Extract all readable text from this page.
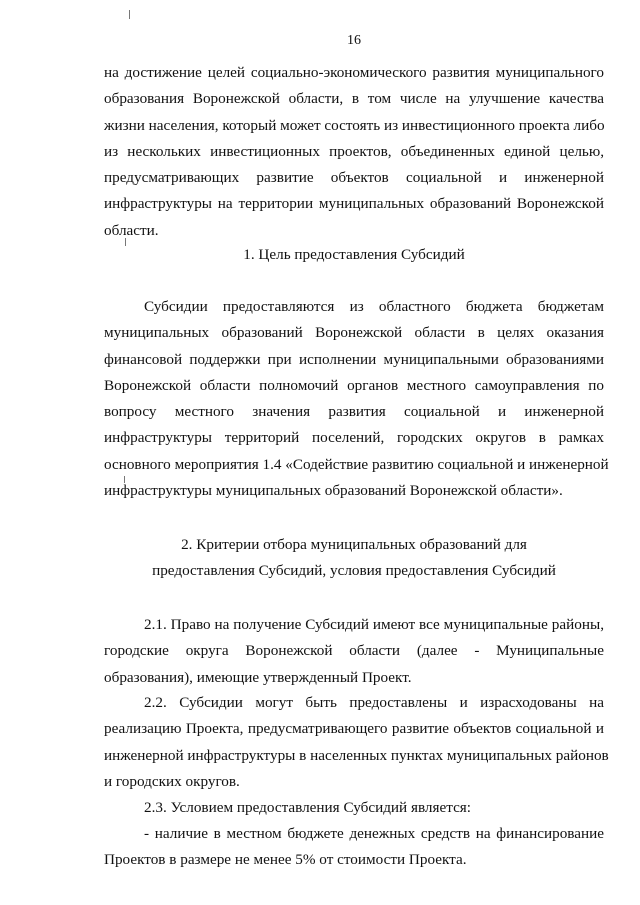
16

на достижение целей социально-экономического развития муниципального
образования Воронежской области, в том числе на улучшение качества
жизни населения, который может состоять из инвестиционного проекта либо
из нескольких инвестиционных проектов, объединенных единой целью,
предусматривающих развитие объектов социальной и инженерной
инфраструктуры на территории муниципальных образований Воронежской
области.

1. Цель предоставления Субсидий

Субсидии предоставляются из областного бюджета бюджетам
муниципальных образований Воронежской области в целях оказания
финансовой поддержки при исполнении муниципальными образованиями
Воронежской области полномочий органов местного самоуправления по
вопросу местного значения развития социальной и инженерной
инфраструктуры территорий поселений, городских округов в рамках
основного мероприятия 1.4 «Содействие развитию социальной и инженерной
инфраструктуры муниципальных образований Воронежской области».

2. Критерии отбора муниципальных образований для
предоставления Субсидий, условия предоставления Субсидий

2.1. Право на получение Субсидий имеют все муниципальные районы,
городские округа Воронежской области (далее - Муниципальные
образования), имеющие утвержденный Проект.

2.2. Субсидии могут быть предоставлены и израсходованы на
реализацию Проекта, предусматривающего развитие объектов социальной и
инженерной инфраструктуры в населенных пунктах муниципальных районов
и городских округов.

2.3. Условием предоставления Субсидий является:

- наличие в местном бюджете денежных средств на финансирование
Проектов в размере не менее 5% от стоимости Проекта.
